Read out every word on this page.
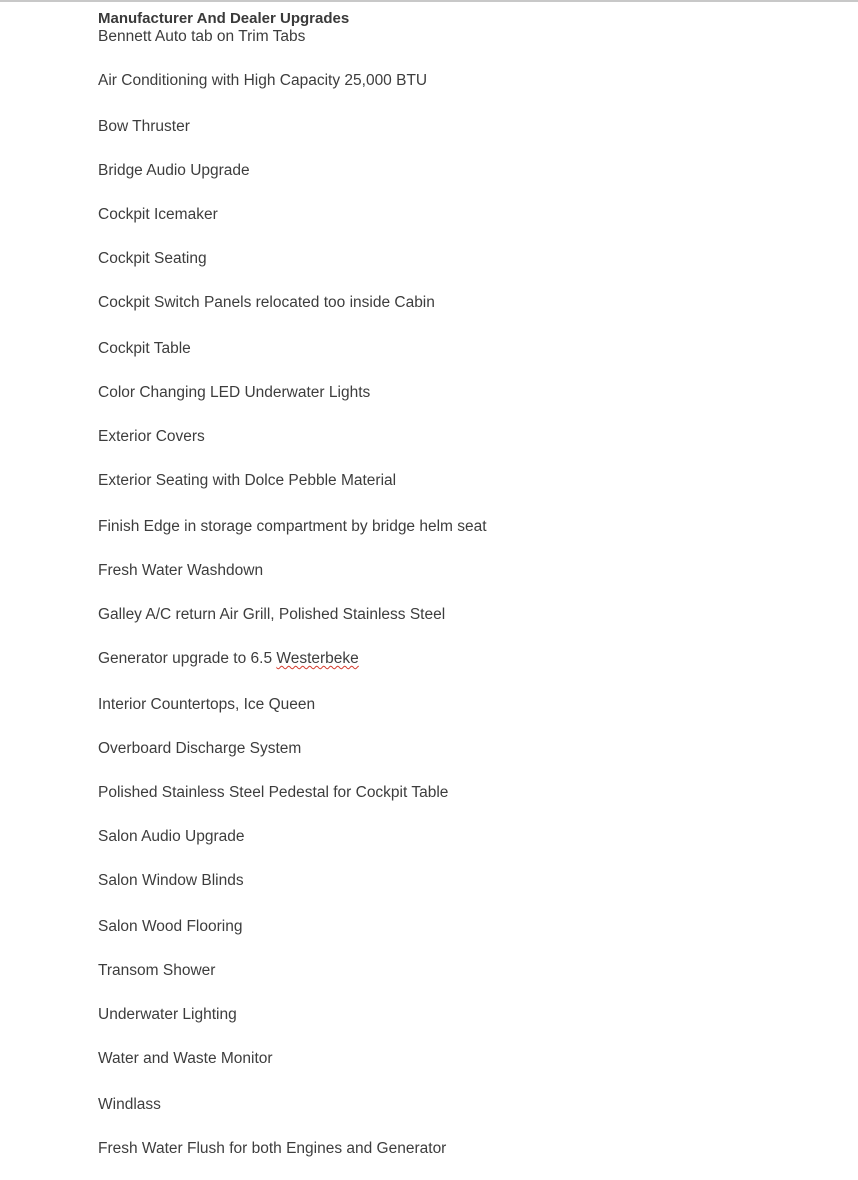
Manufacturer And Dealer Upgrades

Bennett Auto tab on Trim Tabs

Air Conditioning with High Capacity 25,000 BTU

Bow Thruster

Bridge Audio Upgrade

Cockpit Icemaker

Cockpit Seating

Cockpit Switch Panels relocated too inside Cabin

Cockpit Table

Color Changing LED Underwater Lights

Exterior Covers

Exterior Seating with Dolce Pebble Material

Finish Edge in storage compartment by bridge helm seat

Fresh Water Washdown

Galley A/C return Air Grill, Polished Stainless Steel

Generator upgrade to 6.5 Westerbeke

Interior Countertops, Ice Queen

Overboard Discharge System

Polished Stainless Steel Pedestal for Cockpit Table

Salon Audio Upgrade

Salon Window Blinds

Salon Wood Flooring

Transom Shower

Underwater Lighting

Water and Waste Monitor

Windlass

Fresh Water Flush for both Engines and Generator
